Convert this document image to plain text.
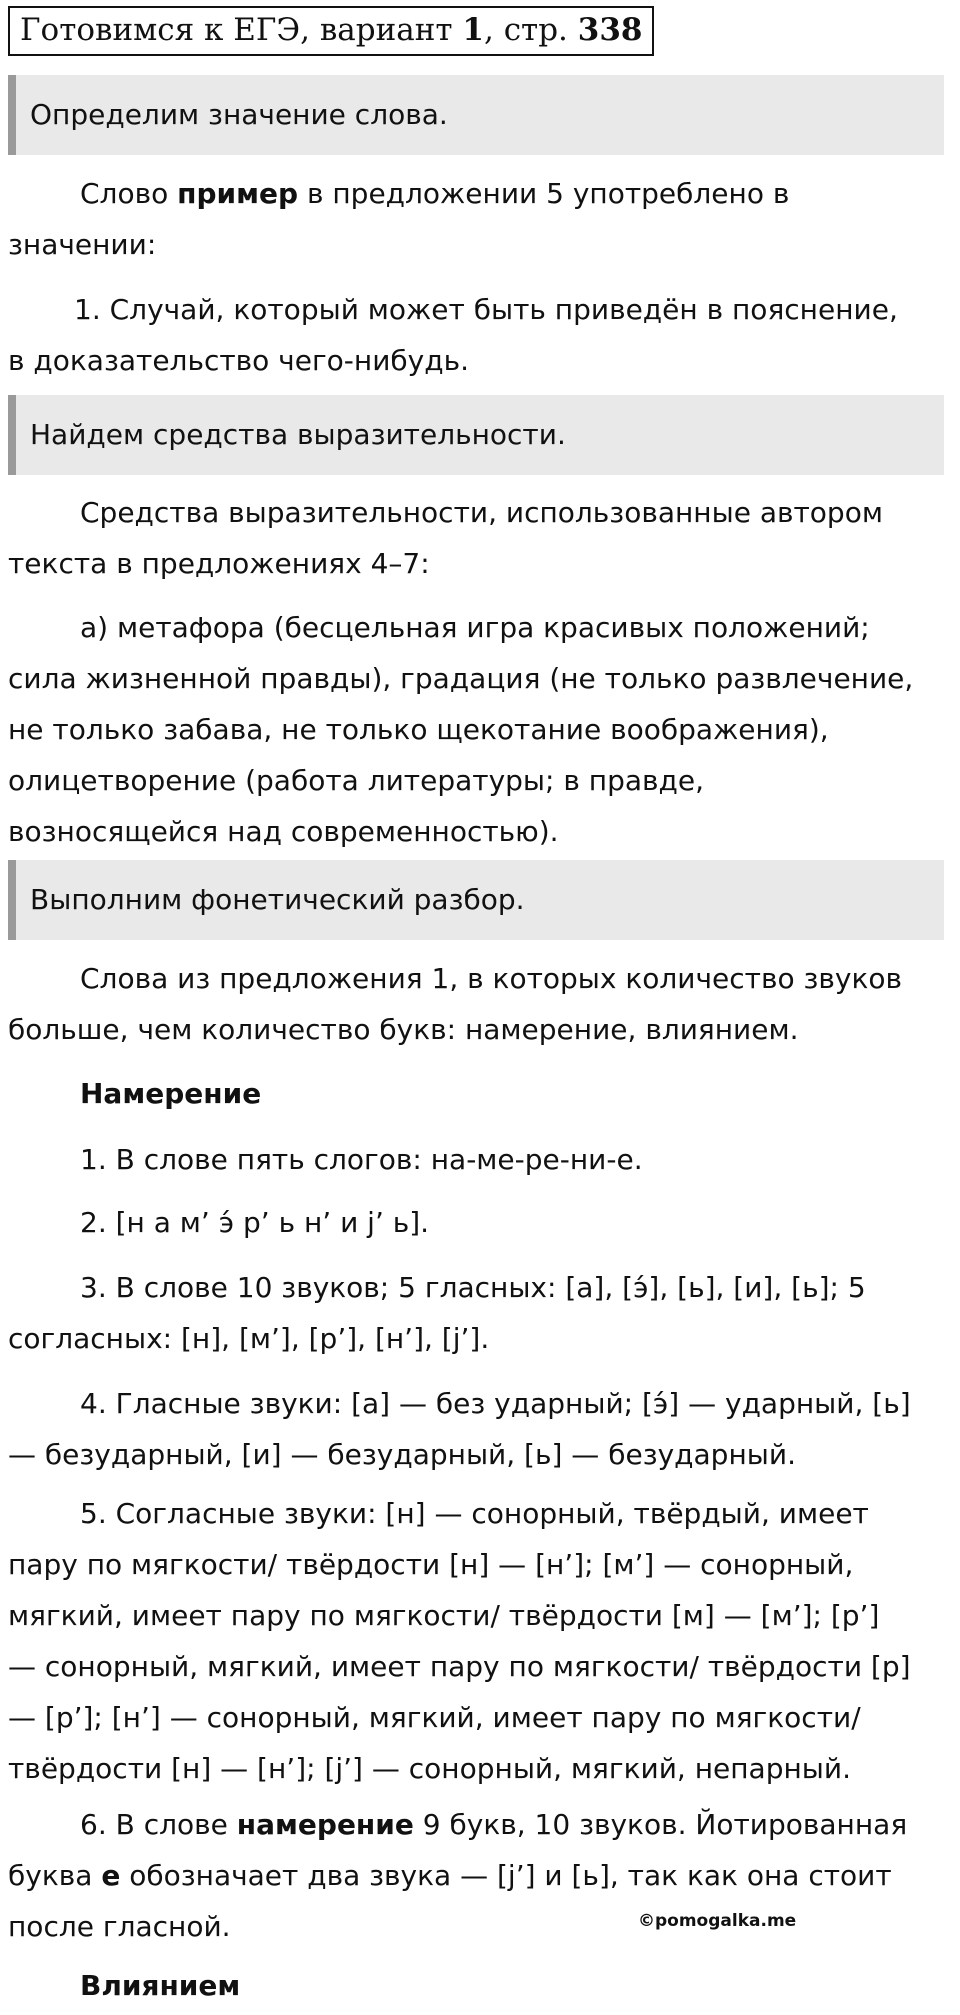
Готовимся к ЕГЭ, вариант 1, стр. 338
Определим значение слова.
Слово пример в предложении 5 употреблено в
значении:
1. Случай, который может быть приведён в пояснение,
в доказательство чего-нибудь.
Найдем средства выразительности.
Средства выразительности, использованные автором
текста в предложениях 4–7:
а) метафора (бесцельная игра красивых положений;
сила жизненной правды), градация (не только развлечение,
не только забава, не только щекотание воображения),
олицетворение (работа литературы; в правде,
возносящейся над современностью).
Выполним фонетический разбор.
Слова из предложения 1, в которых количество звуков
больше, чем количество букв: намерение, влиянием.
Намерение
1. В слове пять слогов: на-ме-ре-ни-е.
2. [н а м’ э́ р’ ь н’ и j’ ь].
3. В слове 10 звуков; 5 гласных: [а], [э́], [ь], [и], [ь]; 5
согласных: [н], [м’], [р’], [н’], [j’].
4. Гласные звуки: [а] — без ударный; [э́] — ударный, [ь]
— безударный, [и] — безударный, [ь] — безударный.
5. Согласные звуки: [н] — сонорный, твёрдый, имеет
пару по мягкости/ твёрдости [н] — [н’]; [м’] — сонорный,
мягкий, имеет пару по мягкости/ твёрдости [м] — [м’]; [р’]
— сонорный, мягкий, имеет пару по мягкости/ твёрдости [р]
— [р’]; [н’] — сонорный, мягкий, имеет пару по мягкости/
твёрдости [н] — [н’]; [j’] — сонорный, мягкий, непарный.
6. В слове намерение 9 букв, 10 звуков. Йотированная
буква е обозначает два звука — [j’] и [ь], так как она стоит
после гласной.	©pomogalka.me
Влиянием
